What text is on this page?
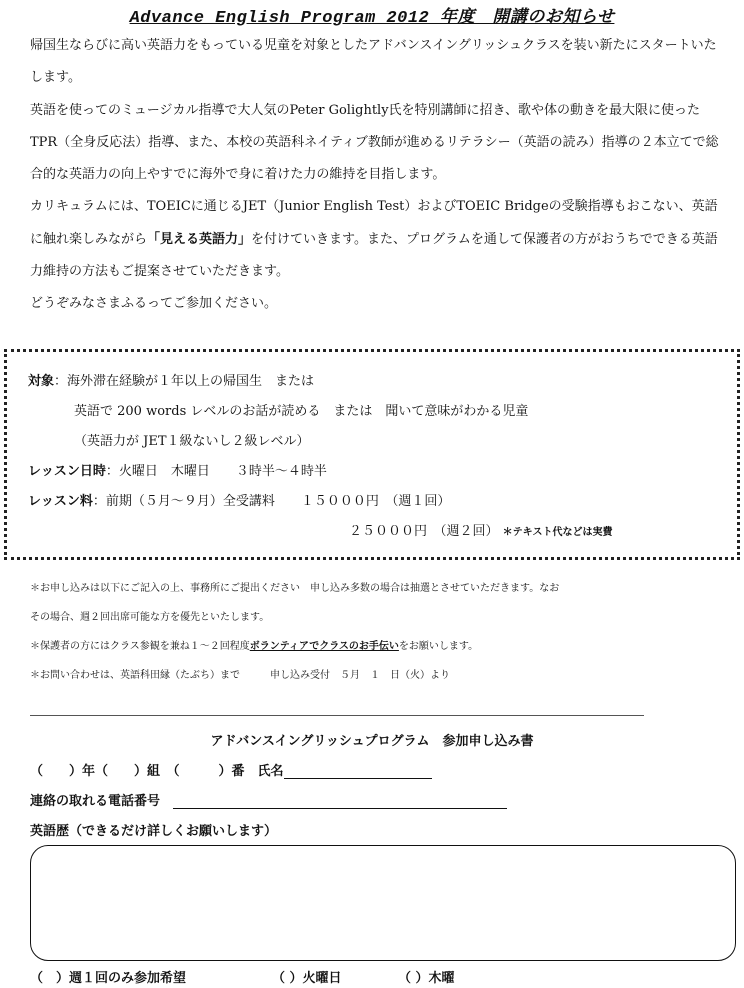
Advance English Program 2012 年度　開講のお知らせ

帰国生ならびに高い英語力をもっている児童を対象としたアドバンスイングリッシュクラスを装い新たにスタートいたします。

英語を使ってのミュージカル指導で大人気のPeter Golightly氏を特別講師に招き、歌や体の動きを最大限に使ったTPR（全身反応法）指導、また、本校の英語科ネイティブ教師が進めるリテラシー（英語の読み）指導の２本立てで総合的な英語力の向上やすでに海外で身に着けた力の維持を目指します。

カリキュラムには、TOEICに通じるJET（Junior English Test）およびTOEIC Bridgeの受験指導もおこない、英語に触れ楽しみながら「見える英語力」を付けていきます。また、プログラムを通して保護者の方がおうちでできる英語力維持の方法もご提案させていただきます。

どうぞみなさまふるってご参加ください。

対象：海外滞在経験が１年以上の帰国生　または
英語で 200 words レベルのお話が読める　または　聞いて意味がわかる児童
（英語力が JET１級ないし２級レベル）
レッスン日時：火曜日　木曜日　　３時半～４時半
レッスン料：前期（５月～９月）全受講料　　１５０００円　（週１回）
２５０００円　（週２回） ＊テキスト代などは実費

＊お申し込みは以下にご記入の上、事務所にご提出ください　申し込み多数の場合は抽選とさせていただきます。なお

その場合、週２回出席可能な方を優先といたします。

＊保護者の方にはクラス参観を兼ね１～２回程度ボランティアでクラスのお手伝いをお願いします。

＊お問い合わせは、英語科田縁（たぶち）まで　　　申し込み受付　５月　１　日（火）より

アドバンスイングリッシュプログラム　参加申し込み書
（　　）年（　　）組　（　　　）番　氏名
連絡の取れる電話番号　
英語歴（できるだけ詳しくお願いします）
（　）週１回のみ参加希望	（ ）火曜日	（ ）木曜
